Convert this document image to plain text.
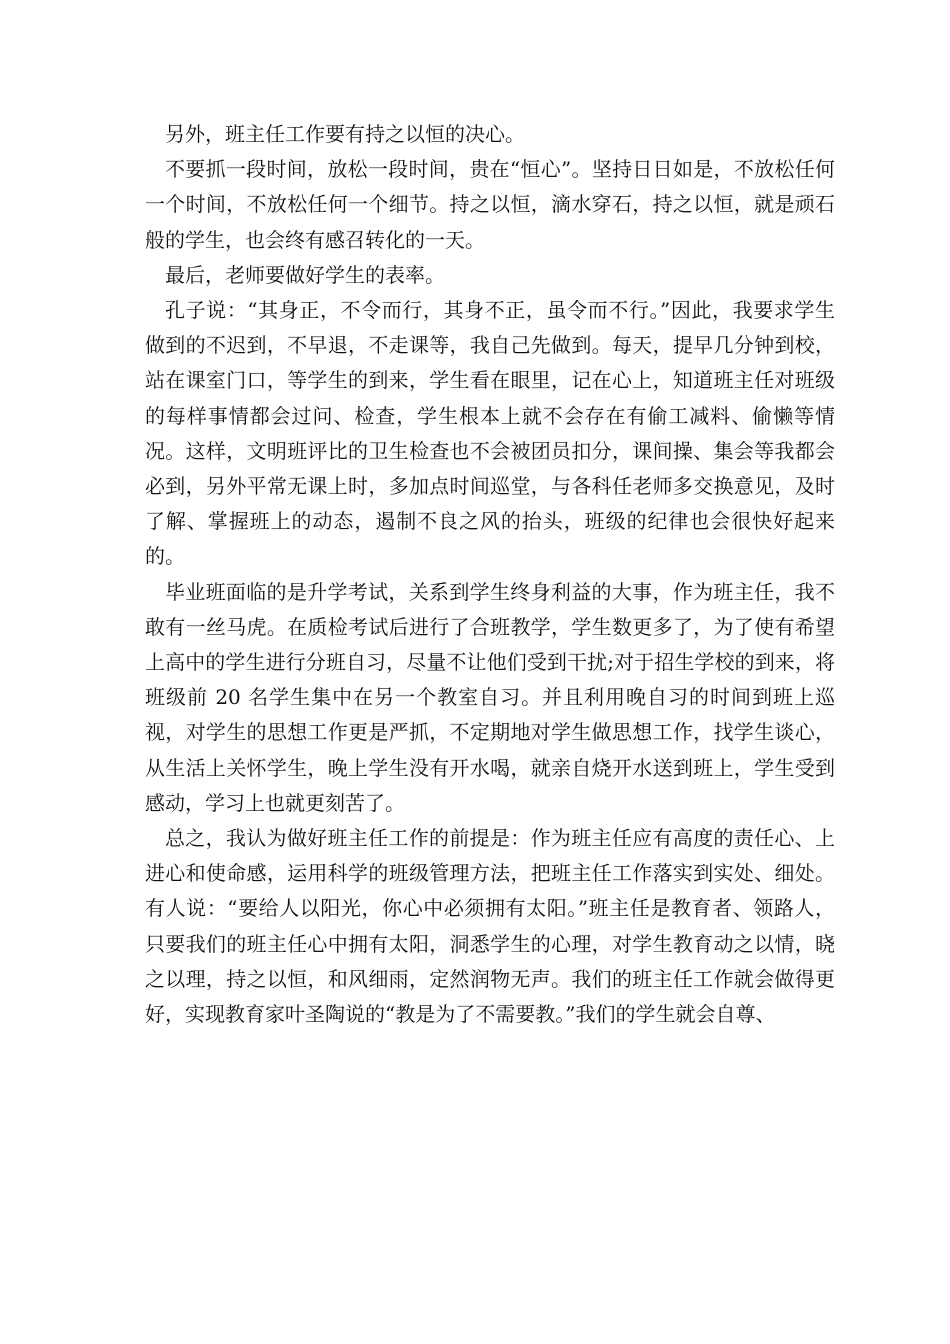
另外，班主任工作要有持之以恒的决心。

不要抓一段时间，放松一段时间，贵在“恒心”。坚持日日如是，不放松任何一个时间，不放松任何一个细节。持之以恒，滴水穿石，持之以恒，就是顽石般的学生，也会终有感召转化的一天。

最后，老师要做好学生的表率。

孔子说：“其身正，不令而行，其身不正，虽令而不行。”因此，我要求学生做到的不迟到，不早退，不走课等，我自己先做到。每天，提早几分钟到校，站在课室门口，等学生的到来，学生看在眼里，记在心上，知道班主任对班级的每样事情都会过问、检查，学生根本上就不会存在有偷工减料、偷懒等情况。这样，文明班评比的卫生检查也不会被团员扣分，课间操、集会等我都会必到，另外平常无课上时，多加点时间巡堂，与各科任老师多交换意见，及时了解、掌握班上的动态，遏制不良之风的抬头，班级的纪律也会很快好起来的。

毕业班面临的是升学考试，关系到学生终身利益的大事，作为班主任，我不敢有一丝马虎。在质检考试后进行了合班教学，学生数更多了，为了使有希望上高中的学生进行分班自习，尽量不让他们受到干扰;对于招生学校的到来，将班级前 20 名学生集中在另一个教室自习。并且利用晚自习的时间到班上巡视，对学生的思想工作更是严抓，不定期地对学生做思想工作，找学生谈心，从生活上关怀学生，晚上学生没有开水喝，就亲自烧开水送到班上，学生受到感动，学习上也就更刻苦了。

总之，我认为做好班主任工作的前提是：作为班主任应有高度的责任心、上进心和使命感，运用科学的班级管理方法，把班主任工作落实到实处、细处。有人说：“要给人以阳光，你心中必须拥有太阳。”班主任是教育者、领路人，只要我们的班主任心中拥有太阳，洞悉学生的心理，对学生教育动之以情，晓之以理，持之以恒，和风细雨，定然润物无声。我们的班主任工作就会做得更好，实现教育家叶圣陶说的“教是为了不需要教。”我们的学生就会自尊、
